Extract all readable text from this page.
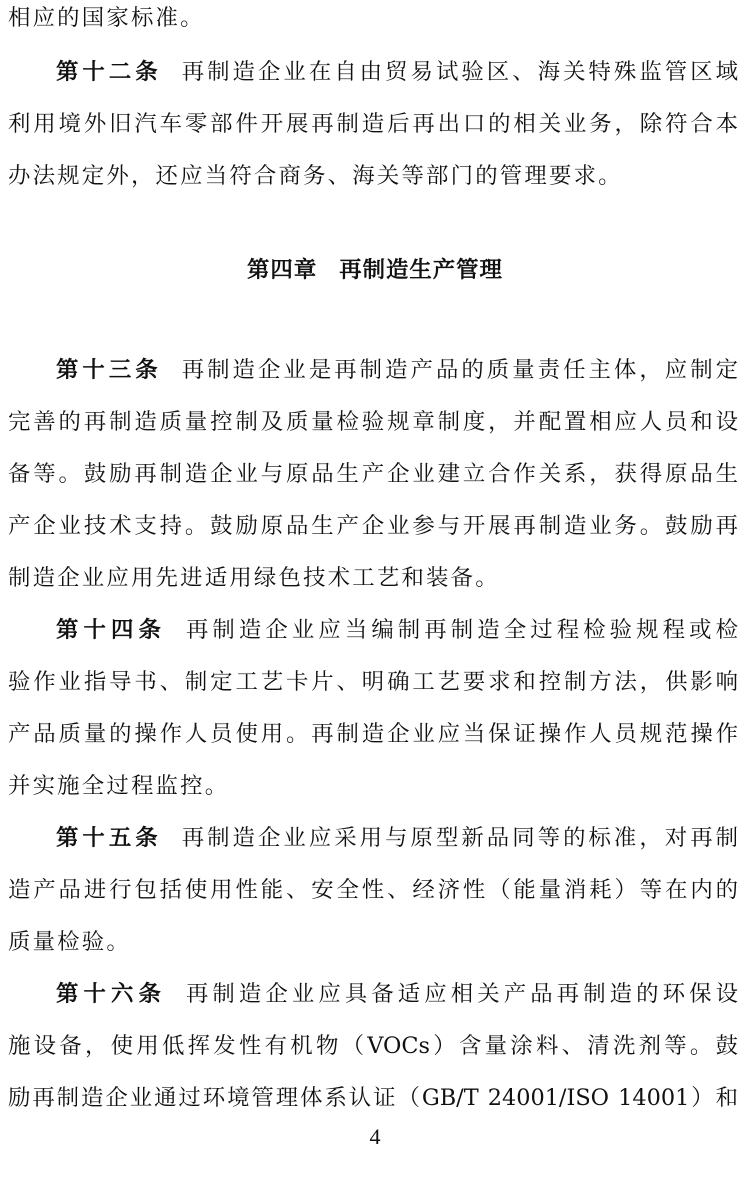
相应的国家标准。
第十二条 再制造企业在自由贸易试验区、海关特殊监管区域
利用境外旧汽车零部件开展再制造后再出口的相关业务，除符合本
办法规定外，还应当符合商务、海关等部门的管理要求。
第四章 再制造生产管理
第十三条 再制造企业是再制造产品的质量责任主体，应制定
完善的再制造质量控制及质量检验规章制度，并配置相应人员和设
备等。鼓励再制造企业与原品生产企业建立合作关系，获得原品生
产企业技术支持。鼓励原品生产企业参与开展再制造业务。鼓励再
制造企业应用先进适用绿色技术工艺和装备。
第十四条 再制造企业应当编制再制造全过程检验规程或检
验作业指导书、制定工艺卡片、明确工艺要求和控制方法，供影响
产品质量的操作人员使用。再制造企业应当保证操作人员规范操作
并实施全过程监控。
第十五条 再制造企业应采用与原型新品同等的标准，对再制
造产品进行包括使用性能、安全性、经济性（能量消耗）等在内的
质量检验。
第十六条 再制造企业应具备适应相关产品再制造的环保设
施设备，使用低挥发性有机物（VOCs）含量涂料、清洗剂等。鼓
励再制造企业通过环境管理体系认证（GB/T 24001/ISO 14001）和
4
